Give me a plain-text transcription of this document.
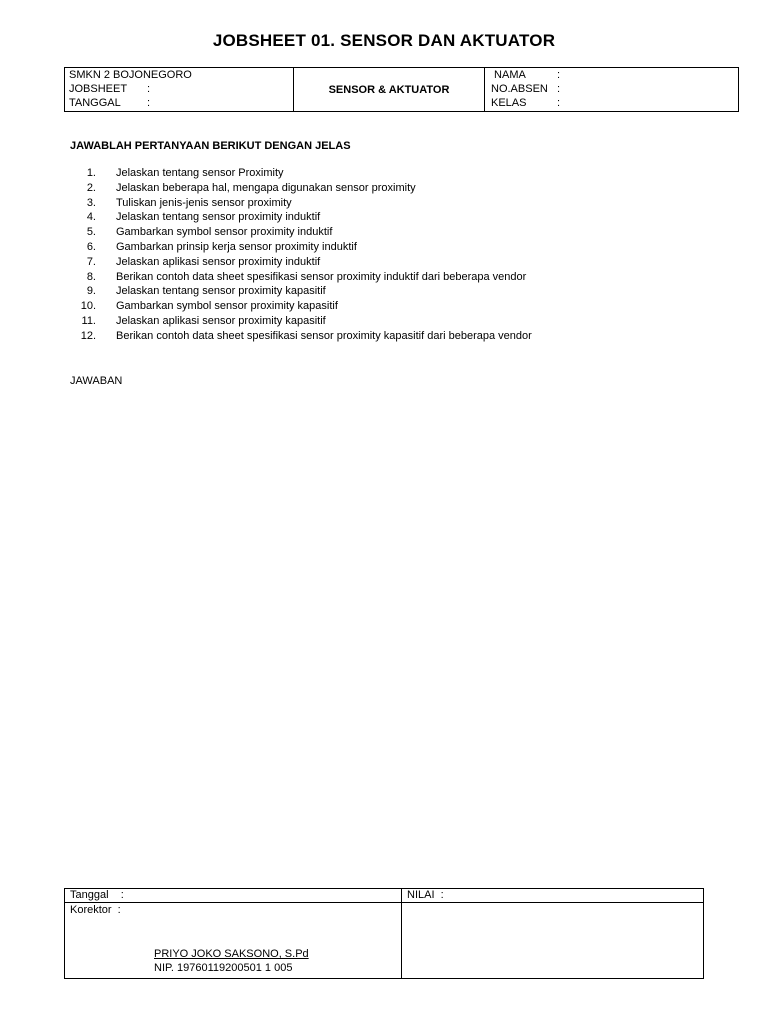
JOBSHEET 01. SENSOR DAN AKTUATOR
SMKN 2 BOJONEGORO
JOBSHEET :
TANGGAL :
	SENSOR & AKTUATOR	
NAMA	:
NO.ABSEN :
KELAS	:
JAWABLAH PERTANYAAN BERIKUT DENGAN JELAS
1. Jelaskan tentang sensor Proximity
2. Jelaskan beberapa hal, mengapa digunakan sensor proximity
3. Tuliskan jenis-jenis sensor proximity
4. Jelaskan tentang sensor proximity induktif
5. Gambarkan symbol sensor proximity induktif
6. Gambarkan prinsip kerja sensor proximity induktif
7. Jelaskan aplikasi sensor proximity induktif
8. Berikan contoh data sheet spesifikasi sensor proximity induktif dari beberapa vendor
9. Jelaskan tentang sensor proximity kapasitif
10. Gambarkan symbol sensor proximity kapasitif
11. Jelaskan aplikasi sensor proximity kapasitif
12. Berikan contoh data sheet spesifikasi sensor proximity kapasitif dari beberapa vendor
JAWABAN
Tanggal    :	NILAI  :

Korektor  :
PRIYO JOKO SAKSONO, S.Pd
NIP. 19760119200501 1 005	
